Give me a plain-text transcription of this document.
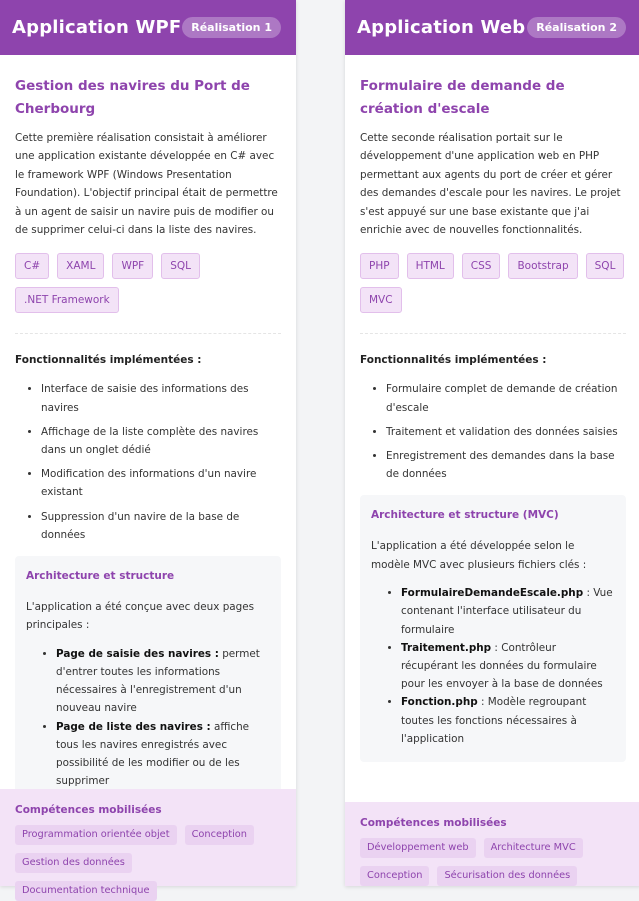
Application WPF Réalisation 1
Gestion des navires du Port de Cherbourg

Cette première réalisation consistait à améliorer une application existante développée en C# avec le framework WPF (Windows Presentation Foundation). L'objectif principal était de permettre à un agent de saisir un navire puis de modifier ou de supprimer celui-ci dans la liste des navires.

C#	XAML	WPF	SQL
.NET Framework
Fonctionnalités implémentées :
• Interface de saisie des informations des navires
• Affichage de la liste complète des navires dans un onglet dédié
• Modification des informations d'un navire existant
• Suppression d'un navire de la base de données
Architecture et structure

L'application a été conçue avec deux pages principales :

• Page de saisie des navires : permet d'entrer toutes les informations nécessaires à l'enregistrement d'un nouveau navire
• Page de liste des navires : affiche tous les navires enregistrés avec possibilité de les modifier ou de les supprimer
Compétences mobilisées
Programmation orientée objet	Conception
Gestion des données
Documentation technique
Application Web Réalisation 2
Formulaire de demande de création d'escale

Cette seconde réalisation portait sur le développement d'une application web en PHP permettant aux agents du port de créer et gérer des demandes d'escale pour les navires. Le projet s'est appuyé sur une base existante que j'ai enrichie avec de nouvelles fonctionnalités.

PHP	HTML	CSS	Bootstrap	SQL
MVC
Fonctionnalités implémentées :
• Formulaire complet de demande de création d'escale
• Traitement et validation des données saisies
• Enregistrement des demandes dans la base de données
Architecture et structure (MVC)

L'application a été développée selon le modèle MVC avec plusieurs fichiers clés :

• FormulaireDemandeEscale.php : Vue contenant l'interface utilisateur du formulaire
• Traitement.php : Contrôleur récupérant les données du formulaire pour les envoyer à la base de données
• Fonction.php : Modèle regroupant toutes les fonctions nécessaires à l'application
Compétences mobilisées
Développement web	Architecture MVC
Conception	Sécurisation des données
